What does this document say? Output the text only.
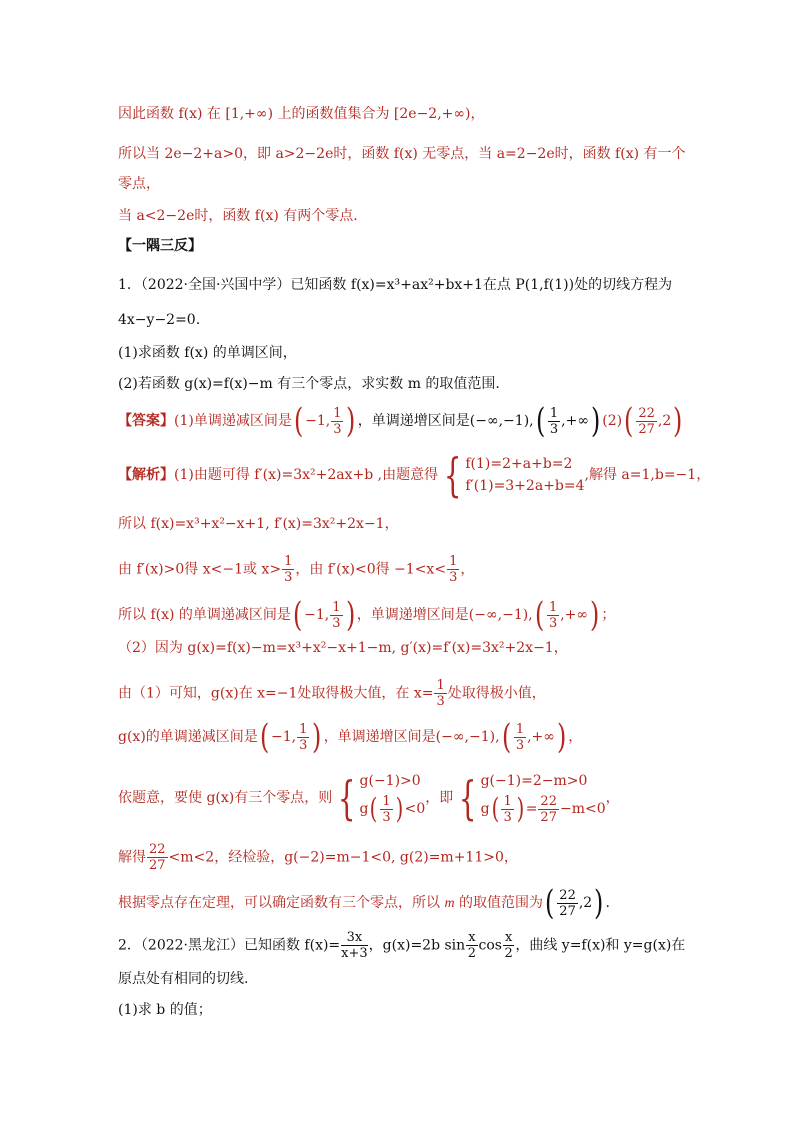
因此函数 f(x) 在 [1,+∞) 上的函数值集合为 [2e−2,+∞)，
所以当 2e−2+a>0，即 a>2−2e时，函数 f(x) 无零点，当 a=2−2e时，函数 f(x) 有一个
零点，
当 a<2−2e时，函数 f(x) 有两个零点.
【一隅三反】
1．（2022·全国·兴国中学）已知函数 f(x)=x³+ax²+bx+1在点 P(1,f(1))处的切线方程为
4x−y−2=0.
(1)求函数 f(x) 的单调区间，
(2)若函数 g(x)=f(x)−m 有三个零点，求实数 m 的取值范围.
【答案】(1)单调递减区间是( −1, $\frac{1}{3}$ ) ，单调递增区间是$(-\infty,-1),( \frac{1}{3}$ ,+∞) $(2)( \frac{22}{27} ,2)$
【解析】(1)由题可得 f′(x)=3x²+2ax+b ,由题意得 { f(1)=2+a+b=2
f′(1)=3+2a+b=4
,解得 a=1,b=−1，
所以 f(x)=x³+x²−x+1, f′(x)=3x²+2x−1，
由 f′(x)>0得 x<−1或 $x> \frac{1}{3}$ ，由 f′(x)<0得 $-1<x< \frac{1}{3}$ ，
所以 f(x) 的单调递减区间是( −1, $\frac{1}{3}$ ) ，单调递增区间是$(-\infty,-1),( \frac{1}{3}$ ,+∞) ；
（2）因为 g(x)=f(x)−m=x³+x²−x+1−m, g′(x)=f′(x)=3x²+2x−1，
由（1）可知，g(x)在 x=−1处取得极大值，在 $x= \frac{1}{3}$ 处取得极小值，
g(x)的单调递减区间是( −1, $\frac{1}{3}$ ) ，单调递增区间是$(-\infty,-1),( \frac{1}{3}$ ,+∞) ，
依题意，要使 g(x)有三个零点，则 { g(−1)>0
$g( \frac{1}{3}$ ) <0
，即 { g(−1)=2−m>0
$g( \frac{1}{3}$ ) = $\frac{22}{27} -m<0$
，
解得 $\frac{22}{27} <m<2$，经检验，g(−2)=m−1<0, g(2)=m+11>0，
根据零点存在定理，可以确定函数有三个零点，所以 m 的取值范围为( $\frac{22}{27} ,2$) .
2．（2022·黑龙江）已知函数 $f(x)= \frac{3x}{x+3}$ ，g(x)=2b $\sin \frac{x}{2}$ $\cos \frac{x}{2}$ ，曲线 y=f(x)和 y=g(x)在
原点处有相同的切线.
(1)求 b 的值；
